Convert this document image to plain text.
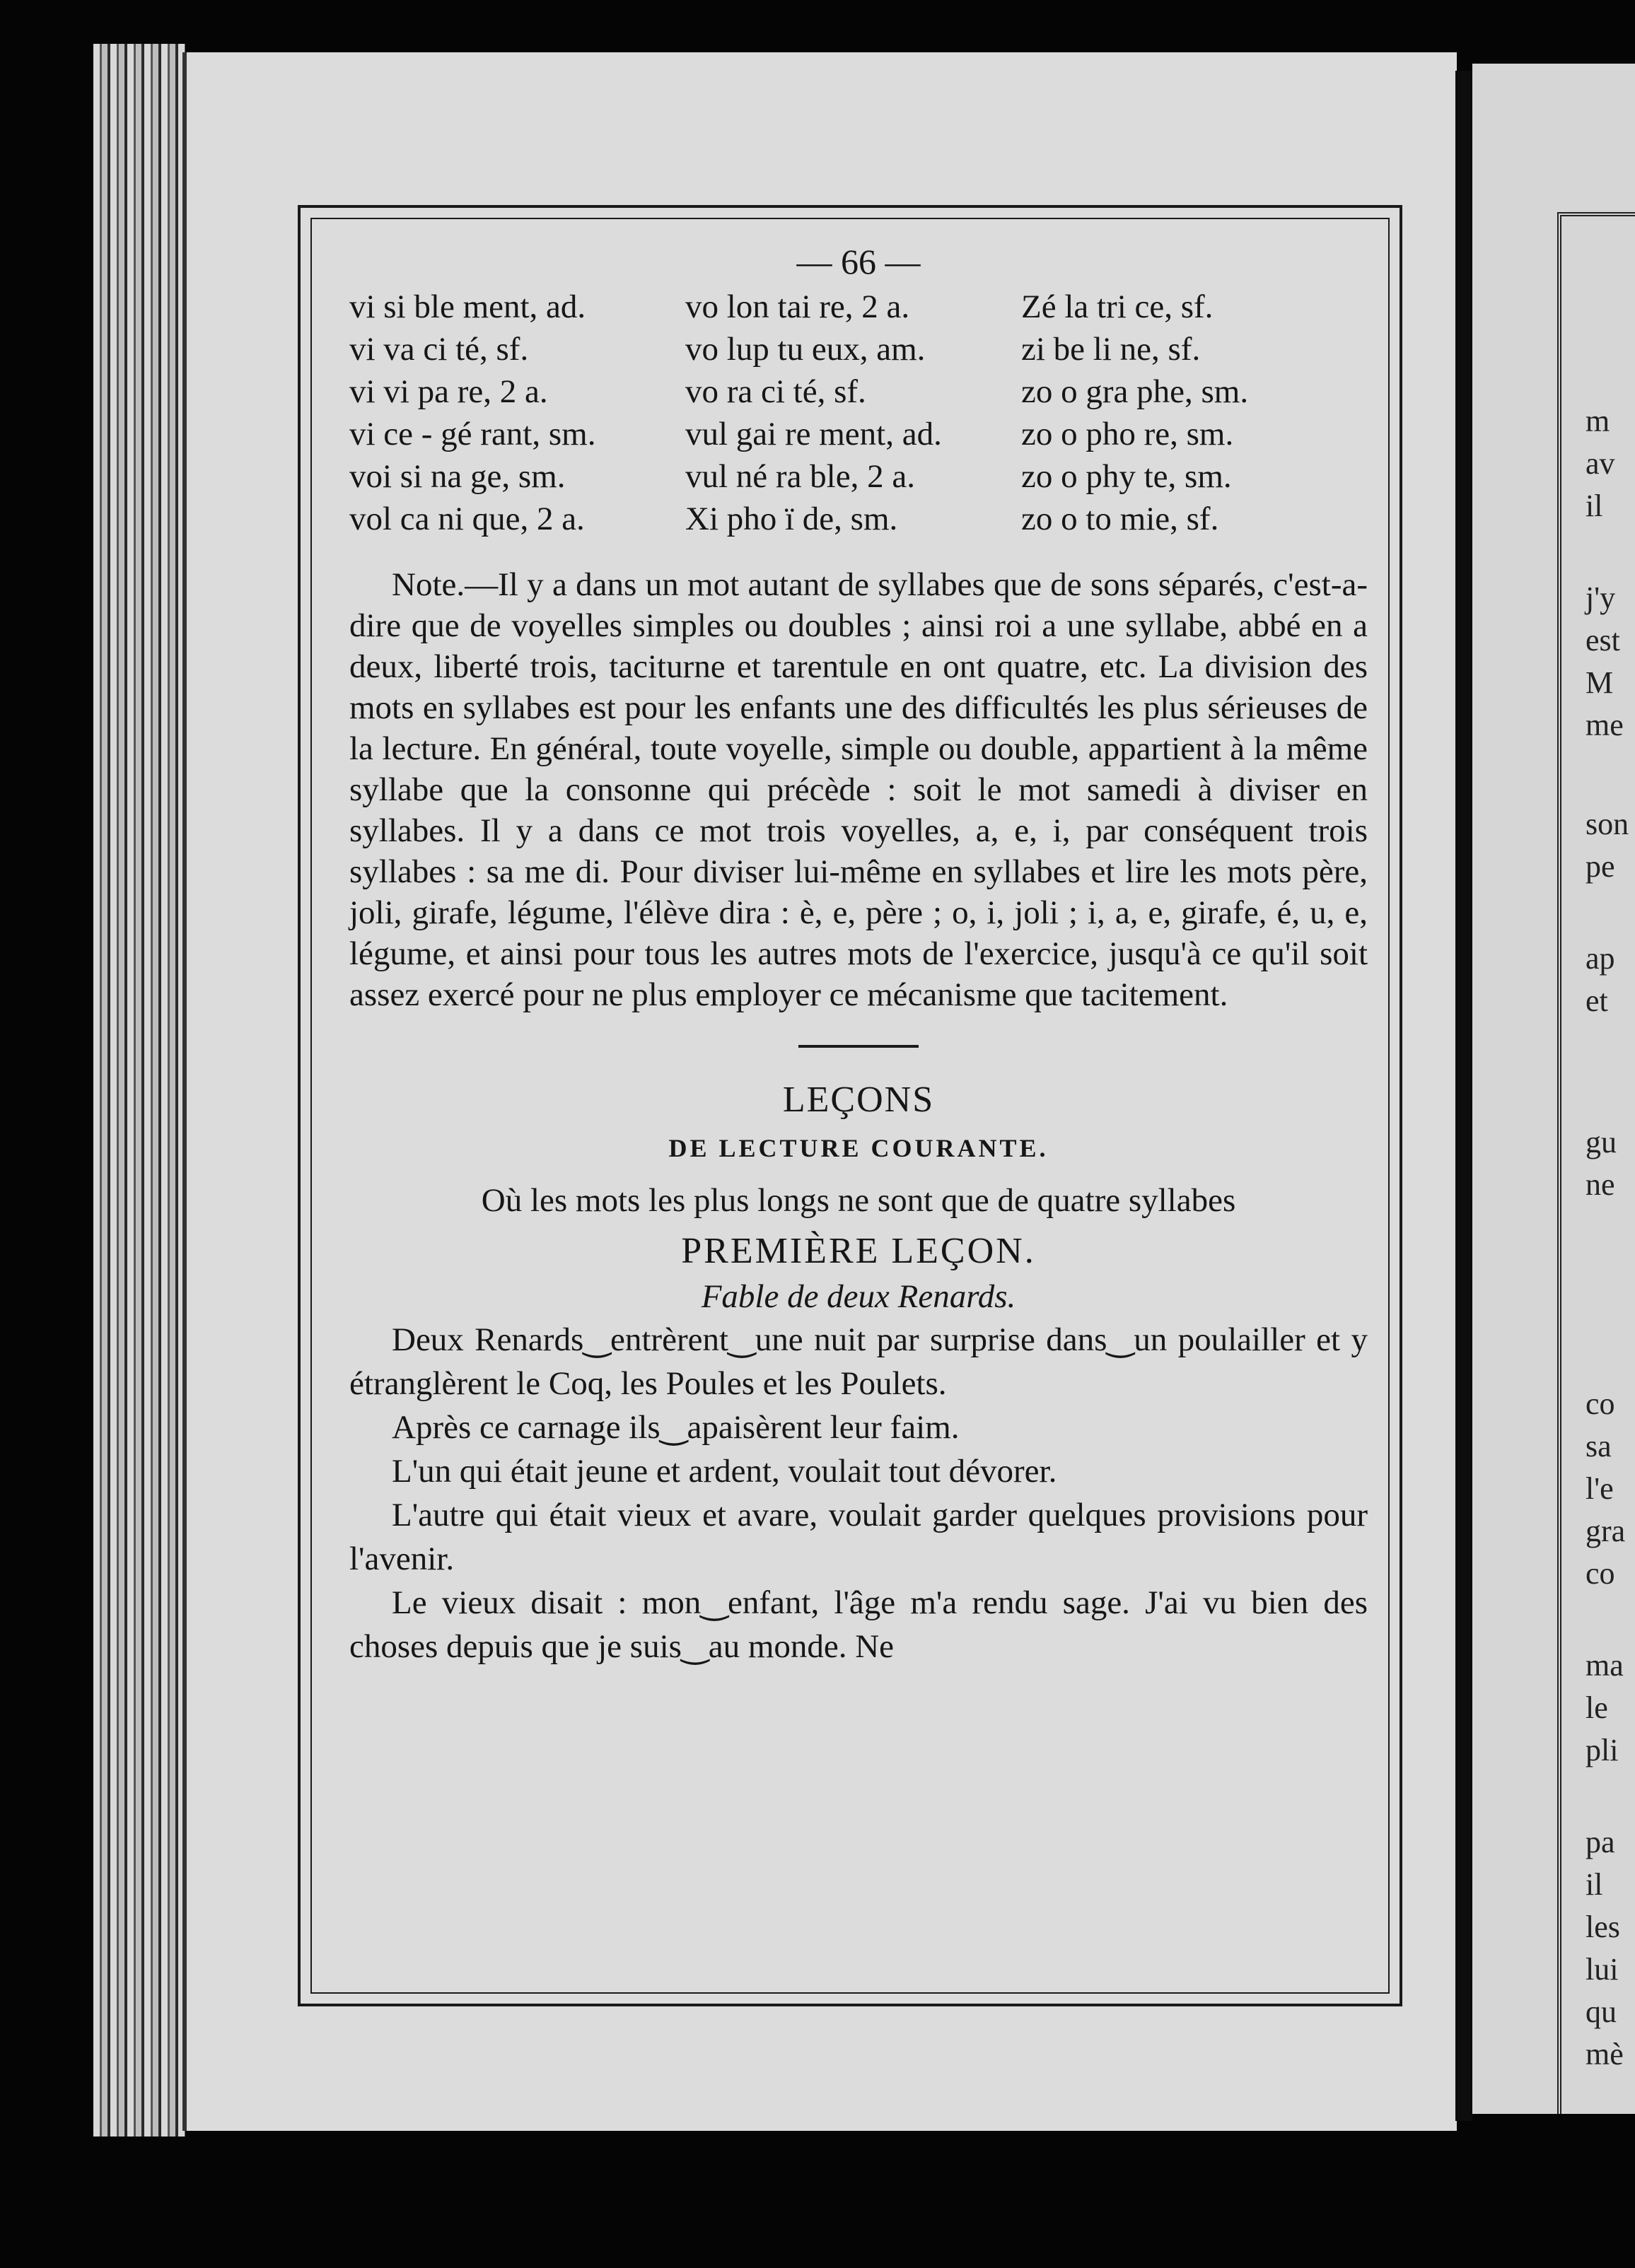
m
av
il
j'y
est
M
me
son
pe
ap
et
gu
ne
co
sa
l'e
gra
co
ma
le
pli
pa
il
les
lui
qu
mè
— 66 —
vi si ble ment, ad.
vi va ci té, sf.
vi vi pa re, 2 a.
vi ce - gé rant, sm.
voi si na ge, sm.
vol ca ni que, 2 a.
vo lon tai re, 2 a.
vo lup tu eux, am.
vo ra ci té, sf.
vul gai re ment, ad.
vul né ra ble, 2 a.
Xi pho ï de, sm.
Zé la tri ce, sf.
zi be li ne, sf.
zo o gra phe, sm.
zo o pho re, sm.
zo o phy te, sm.
zo o to mie, sf.
Note.—Il y a dans un mot autant de syllabes que de sons séparés, c'est-a-dire que de voyelles simples ou doubles ; ainsi roi a une syllabe, abbé en a deux, liberté trois, taciturne et tarentule en ont quatre, etc. La division des mots en syllabes est pour les enfants une des difficultés les plus sérieuses de la lecture. En général, toute voyelle, simple ou double, appartient à la même syllabe que la consonne qui précède : soit le mot samedi à diviser en syllabes. Il y a dans ce mot trois voyelles, a, e, i, par conséquent trois syllabes : sa me di. Pour diviser lui-même en syllabes et lire les mots père, joli, girafe, légume, l'élève dira : è, e, père ; o, i, joli ; i, a, e, girafe, é, u, e, légume, et ainsi pour tous les autres mots de l'exercice, jusqu'à ce qu'il soit assez exercé pour ne plus employer ce mécanisme que tacitement.
LEÇONS
DE LECTURE COURANTE.
Où les mots les plus longs ne sont que de quatre syllabes
PREMIÈRE LEÇON.
Fable de deux Renards.
Deux Renards‿entrèrent‿une nuit par surprise dans‿un poulailler et y étranglèrent le Coq, les Poules et les Poulets.
Après ce carnage ils‿apaisèrent leur faim.
L'un qui était jeune et ardent, voulait tout dévorer.
L'autre qui était vieux et avare, voulait garder quelques provisions pour l'avenir.
Le vieux disait : mon‿enfant, l'âge m'a rendu sage. J'ai vu bien des choses depuis que je suis‿au monde. Ne
